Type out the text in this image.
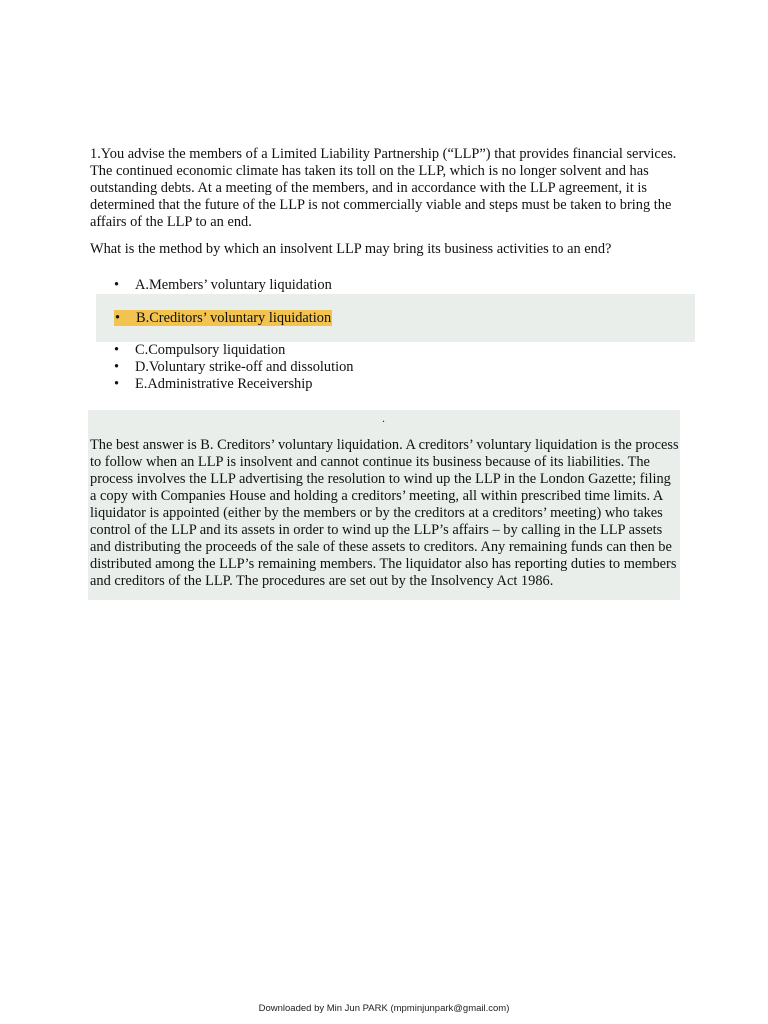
1.You advise the members of a Limited Liability Partnership (“LLP”) that provides financial services. The continued economic climate has taken its toll on the LLP, which is no longer solvent and has outstanding debts. At a meeting of the members, and in accordance with the LLP agreement, it is determined that the future of the LLP is not commercially viable and steps must be taken to bring the affairs of the LLP to an end.

What is the method by which an insolvent LLP may bring its business activities to an end?

• A.Members’ voluntary liquidation
• B.Creditors’ voluntary liquidation
• C.Compulsory liquidation
• D.Voluntary strike-off and dissolution
• E.Administrative Receivership
.

The best answer is B. Creditors’ voluntary liquidation. A creditors’ voluntary liquidation is the process to follow when an LLP is insolvent and cannot continue its business because of its liabilities. The process involves the LLP advertising the resolution to wind up the LLP in the London Gazette; filing a copy with Companies House and holding a creditors’ meeting, all within prescribed time limits. A liquidator is appointed (either by the members or by the creditors at a creditors’ meeting) who takes control of the LLP and its assets in order to wind up the LLP’s affairs – by calling in the LLP assets and distributing the proceeds of the sale of these assets to creditors. Any remaining funds can then be distributed among the LLP’s remaining members. The liquidator also has reporting duties to members and creditors of the LLP. The procedures are set out by the Insolvency Act 1986.

Downloaded by Min Jun PARK (mpminjunpark@gmail.com)
